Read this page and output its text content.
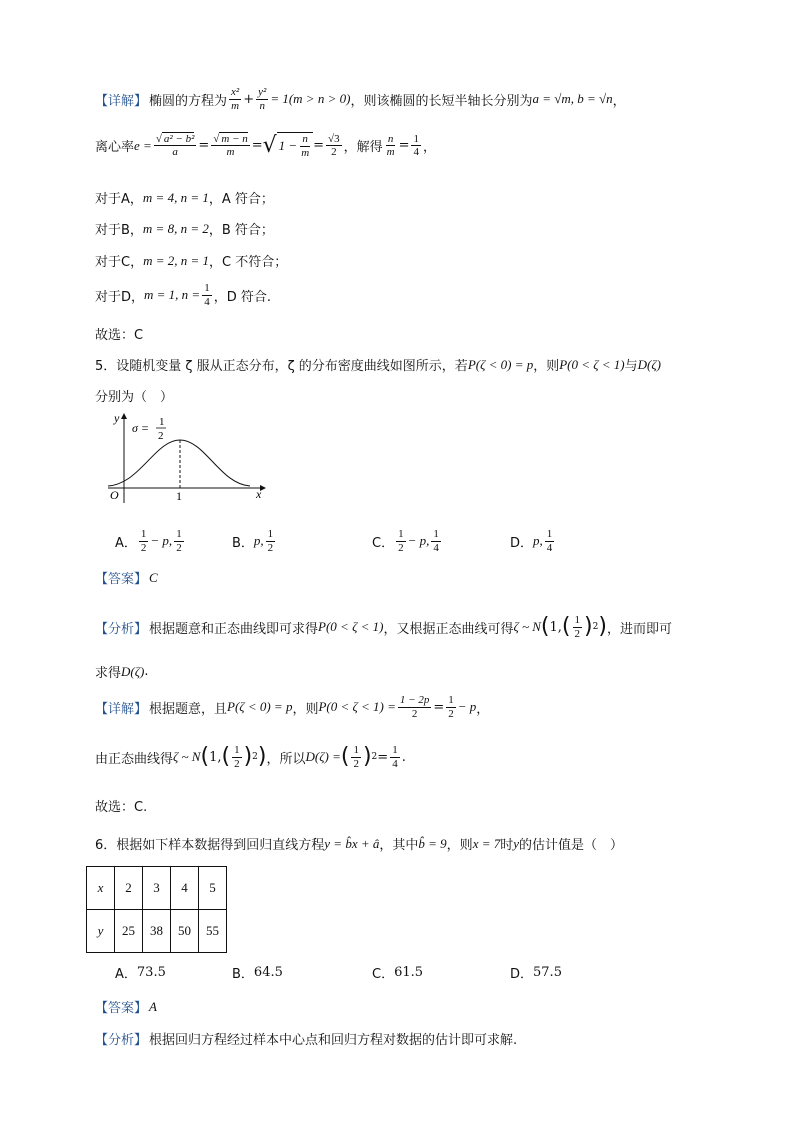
【详解】 椭圆的方程为 $\frac{\text{x²}}{m} + \frac{\text{y²}}{n} = 1(m > n > 0)$ ，则该椭圆的长短半轴长分别为 a = √m, b = √n ，
离心率 $e = \frac{\text{√ a² − b²}}{a} = \frac{√ m - n}{m}$ = √ $1 - \frac{n}{m} = \frac{√3}{2}$ ，解得 $\frac{n}{m} = \frac{1}{4}$ ，
对于A， m = 4, n = 1 ，A 符合；
对于B， m = 8, n = 2 ，B 符合；
对于C， m = 2, n = 1 ，C 不符合；
对于D， m = 1, $n = \frac{1}{4}$ ，D 符合.
故选：C
5．设随机变量 ζ 服从正态分布，ζ 的分布密度曲线如图所示，若 P(ζ < 0) = p ，则 P(0 < ζ < 1) 与 D(ζ)
分别为（　）
y
x
O	1
σ = 1
2
A． $\frac{1}{2} - p$, $\frac{1}{2}$	B． p, $\frac{1}{2}$	C． $\frac{1}{2} - p$, $\frac{1}{4}$	D． p, $\frac{1}{4}$
【答案】 C
【分析】 根据题意和正态曲线即可求得 P(0 < ζ < 1) ，又根据正态曲线可得 ζ ~ N ( 1, ( $\frac{1}{2}$ ) 2 ) ，进而即可
求得 D(ζ) .
【详解】 根据题意，且 P(ζ < 0) = p ，则 $P(0 < \zeta < 1) = \frac{1 - 2p}{2} = \frac{1}{2} - p$ ，
由正态曲线得 ζ ~ N ( 1, ( $\frac{1}{2}$ ) 2 ) ，所以 D(ζ) = ( $\frac{1}{2}$ ) $2 = \frac{1}{4}$ .
故选：C.
6．根据如下样本数据得到回归直线方程 y = b̂x + â ，其中 b̂ = 9 ，则 x = 7 时 y 的估计值是（　）
x	2	3	4	5
y	25	38	50	55
A． 73.5	B． 64.5	C． 61.5	D． 57.5
【答案】 A
【分析】 根据回归方程经过样本中心点和回归方程对数据的估计即可求解.
